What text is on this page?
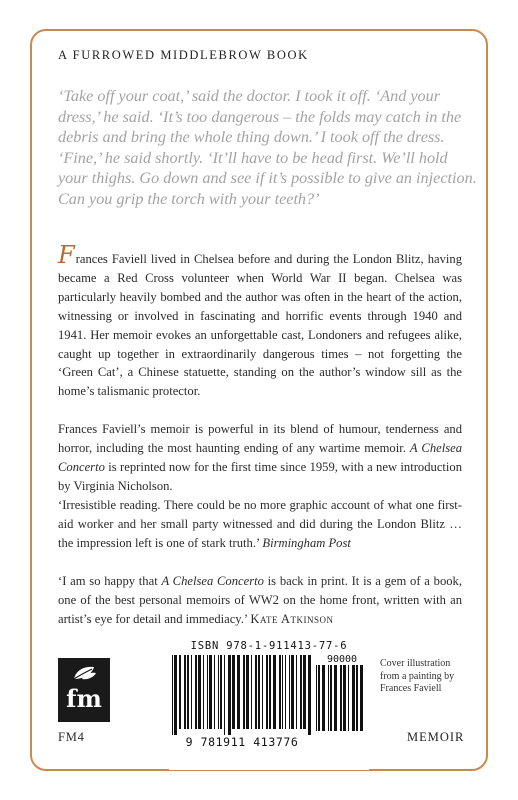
A FURROWED MIDDLEBROW BOOK

‘Take off your coat,’ said the doctor. I took it off. ‘And your dress,’ he said. ‘It’s too dangerous – the folds may catch in the debris and bring the whole thing down.’ I took off the dress. ‘Fine,’ he said shortly. ‘It’ll have to be head first. We’ll hold your thighs. Go down and see if it’s possible to give an injection. Can you grip the torch with your teeth?’

Frances Faviell lived in Chelsea before and during the London Blitz, having became a Red Cross volunteer when World War II began. Chelsea was particularly heavily bombed and the author was often in the heart of the action, witnessing or involved in fascinating and horrific events through 1940 and 1941. Her memoir evokes an unforgettable cast, Londoners and refugees alike, caught up together in extraordinarily dangerous times – not forgetting the ‘Green Cat’, a Chinese statuette, standing on the author’s window sill as the home’s talismanic protector.

Frances Faviell’s memoir is powerful in its blend of humour, tenderness and horror, including the most haunting ending of any wartime memoir. A Chelsea Concerto is reprinted now for the first time since 1959, with a new introduction by Virginia Nicholson.

‘Irresistible reading. There could be no more graphic account of what one first-aid worker and her small party witnessed and did during the London Blitz … the impression left is one of stark truth.’ Birmingham Post

‘I am so happy that A Chelsea Concerto is back in print. It is a gem of a book, one of the best personal memoirs of WW2 on the home front, written with an artist’s eye for detail and immediacy.’ Kate Atkinson

fm
FM4
ISBN 978-1-911413-77-6
90000
9 781911 413776
Cover illustration
from a painting by
Frances Faviell
MEMOIR
